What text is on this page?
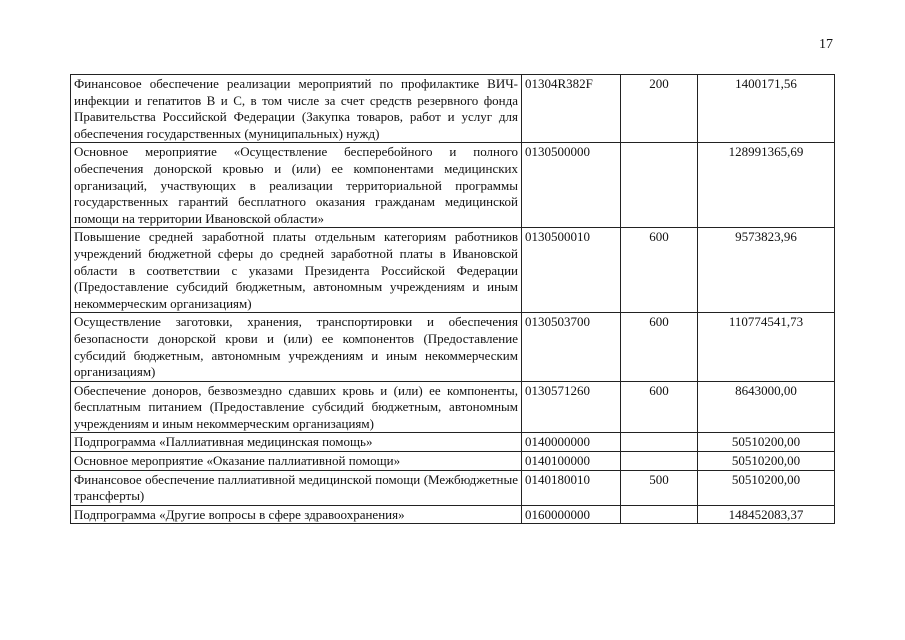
17
Финансовое обеспечение реализации мероприятий по профилактике ВИЧ-инфекции и гепатитов В и С, в том числе за счет средств резервного фонда Правительства Российской Федерации (Закупка товаров, работ и услуг для обеспечения государственных (муниципальных) нужд)	01304R382F	200	1400171,56
Основное мероприятие «Осуществление бесперебойного и полного обеспечения донорской кровью и (или) ее компонентами медицинских организаций, участвующих в реализации территориальной программы государственных гарантий бесплатного оказания гражданам медицинской помощи на территории Ивановской области»	0130500000		128991365,69
Повышение средней заработной платы отдельным категориям работников учреждений бюджетной сферы до средней заработной платы в Ивановской области в соответствии с указами Президента Российской Федерации (Предоставление субсидий бюджетным, автономным учреждениям и иным некоммерческим организациям)	0130500010	600	9573823,96
Осуществление заготовки, хранения, транспортировки и обеспечения безопасности донорской крови и (или) ее компонентов (Предоставление субсидий бюджетным, автономным учреждениям и иным некоммерческим организациям)	0130503700	600	110774541,73
Обеспечение доноров, безвозмездно сдавших кровь и (или) ее компоненты, бесплатным питанием (Предоставление субсидий бюджетным, автономным учреждениям и иным некоммерческим организациям)	0130571260	600	8643000,00
Подпрограмма «Паллиативная медицинская помощь»	0140000000		50510200,00
Основное мероприятие «Оказание паллиативной помощи»	0140100000		50510200,00
Финансовое обеспечение паллиативной медицинской помощи (Межбюджетные трансферты)	0140180010	500	50510200,00
Подпрограмма «Другие вопросы в сфере здравоохранения»	0160000000		148452083,37
